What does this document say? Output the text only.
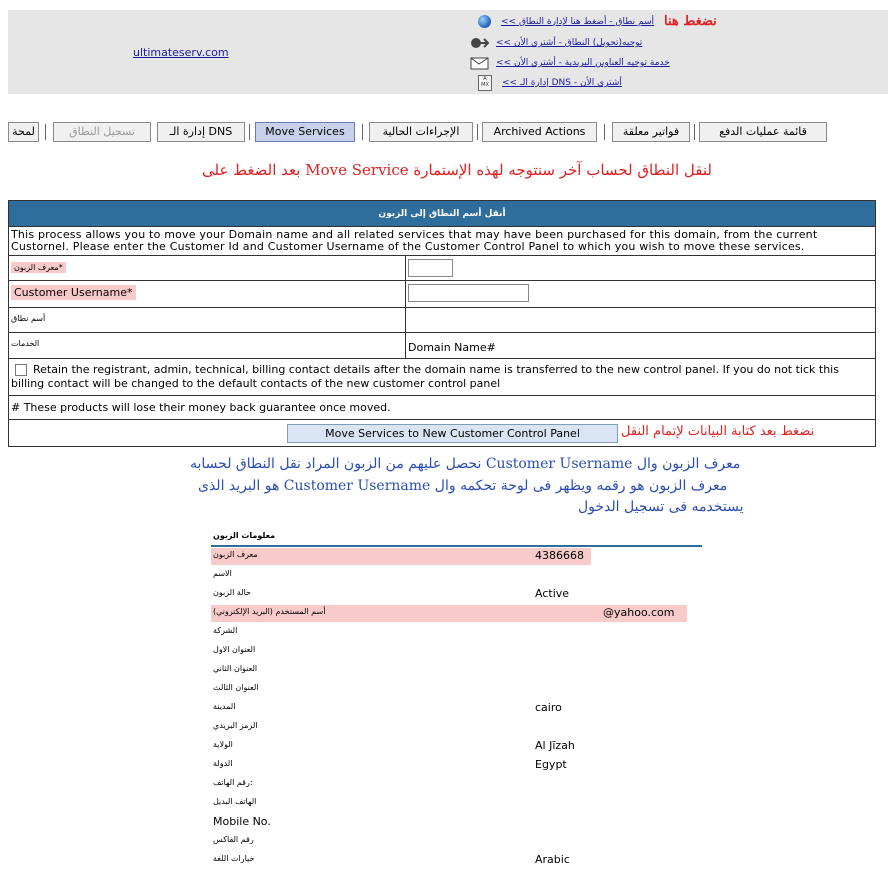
ultimateserv.com
نضغط هنا
<< أسم نطاق - أضغط هنا لإدارة النطاق
<< توجيه(تحويل) النطاق - أشتري الأن
<< خدمة توجيه العناوين البريدية - أشتري الأن
A MX	<< إدارة الـ DNS - أشتري الأن
لمحة	تسجيل النطاق	إدارة الـ DNS	Move Services	الإجراءات الحالية	Archived Actions	فواتير معلقة	قائمة عمليات الدفع
بعد الضغط على Move Service لنقل النطاق لحساب آخر سنتوجه لهذه الإستمارة
أنقل أسم النطاق إلى الزبون
This process allows you to move your Domain name and all related services that may have been purchased for this domain, from the current Custornel. Please enter the Customer Id and Customer Username of the Customer Control Panel to which you wish to move these services.
معرف الزبون*
Customer Username*
أسم نطاق
الخدمات	Domain Name#
Retain the registrant, admin, technical, billing contact details after the domain name is transferred to the new control panel. If you do not tick this billing contact will be changed to the default contacts of the new customer control panel
# These products will lose their money back guarantee once moved.
Move Services to New Customer Control Panel	نضغط بعد كتابة البيانات لإتمام النقل
معرف الزبون وال Customer Username نحصل عليهم من الزبون المراد نقل النطاق لحسابه
معرف الزبون هو رقمه ويظهر فى لوحة تحكمه وال Customer Username هو البريد الذى
يستخدمه فى تسجيل الدخول
معلومات الزبون
معرف الزبون	4386668
الاسم
حالة الزبون	Active
(أسم المستخدم (البريد الإلكتروني	@yahoo.com
الشركة
العنوان الاول
العنوان الثاني
العنوان الثالث
المدينة	cairo
الرمز البريدي
الولاية	Al Jīzah
الدولة	Egypt
رقم الهاتف:
الهاتف البديل
Mobile No.
رقم الفاكس
خيارات اللغة	Arabic
